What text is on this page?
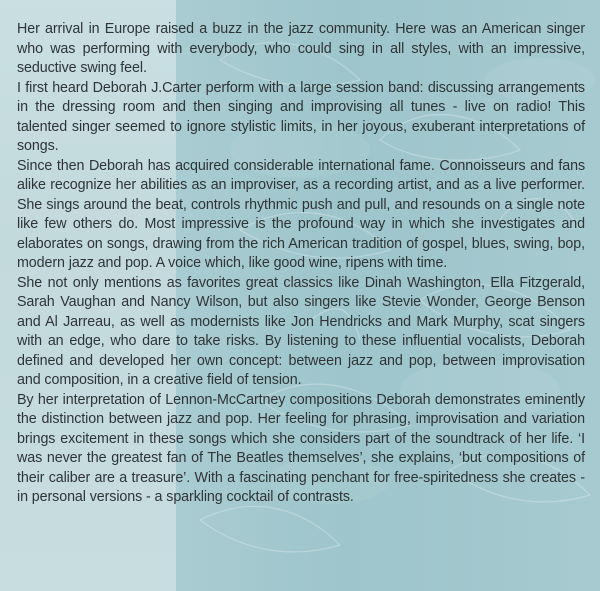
Her arrival in Europe raised a buzz in the jazz community. Here was an American singer who was performing with everybody, who could sing in all styles, with an impressive, seductive swing feel.

I first heard Deborah J.Carter perform with a large session band: discussing arrangements in the dressing room and then singing and improvising all tunes - live on radio! This talented singer seemed to ignore stylistic limits, in her joyous, exuberant interpretations of songs.

Since then Deborah has acquired considerable international fame. Connoisseurs and fans alike recognize her abilities as an improviser, as a recording artist, and as a live performer. She sings around the beat, controls rhythmic push and pull, and resounds on a single note like few others do. Most impressive is the profound way in which she investigates and elaborates on songs, drawing from the rich American tradition of gospel, blues, swing, bop, modern jazz and pop. A voice which, like good wine, ripens with time.

She not only mentions as favorites great classics like Dinah Washington, Ella Fitzgerald, Sarah Vaughan and Nancy Wilson, but also singers like Stevie Wonder, George Benson and Al Jarreau, as well as modernists like Jon Hendricks and Mark Murphy, scat singers with an edge, who dare to take risks. By listening to these influential vocalists, Deborah defined and developed her own concept: between jazz and pop, between improvisation and composition, in a creative field of tension.

By her interpretation of Lennon-McCartney compositions Deborah demonstrates eminently the distinction between jazz and pop. Her feeling for phrasing, improvisation and variation brings excitement in these songs which she considers part of the soundtrack of her life. ‘I was never the greatest fan of The Beatles themselves’, she explains, ‘but compositions of their caliber are a treasure’. With a fascinating penchant for free-spiritedness she creates - in personal versions - a sparkling cocktail of contrasts.
